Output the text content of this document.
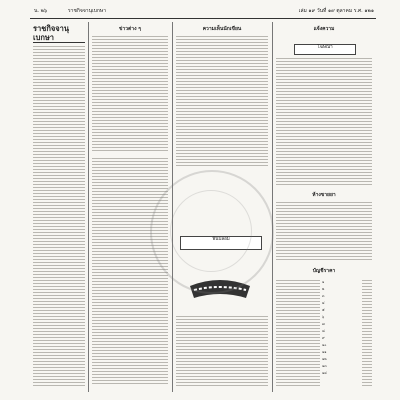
น. ๒๖	ราชกิจจานุเบกษา	เล่ม ๑๙ วันที่ ๑๙ ตุลาคม ร.ศ. ๑๒๑
ราชกิจจานุเบกษา
ข่าวต่าง ๆ	ความเห็นนักเขียน
ฟันปลอม
แจ้งความ
โฆษณา
ห้างขายยา
บัญชีราคา
๑
๒
๓
๔
๕
๖
๗
๘
๙
๑๐
๑๑
๑๒
๑๓
๑๔
